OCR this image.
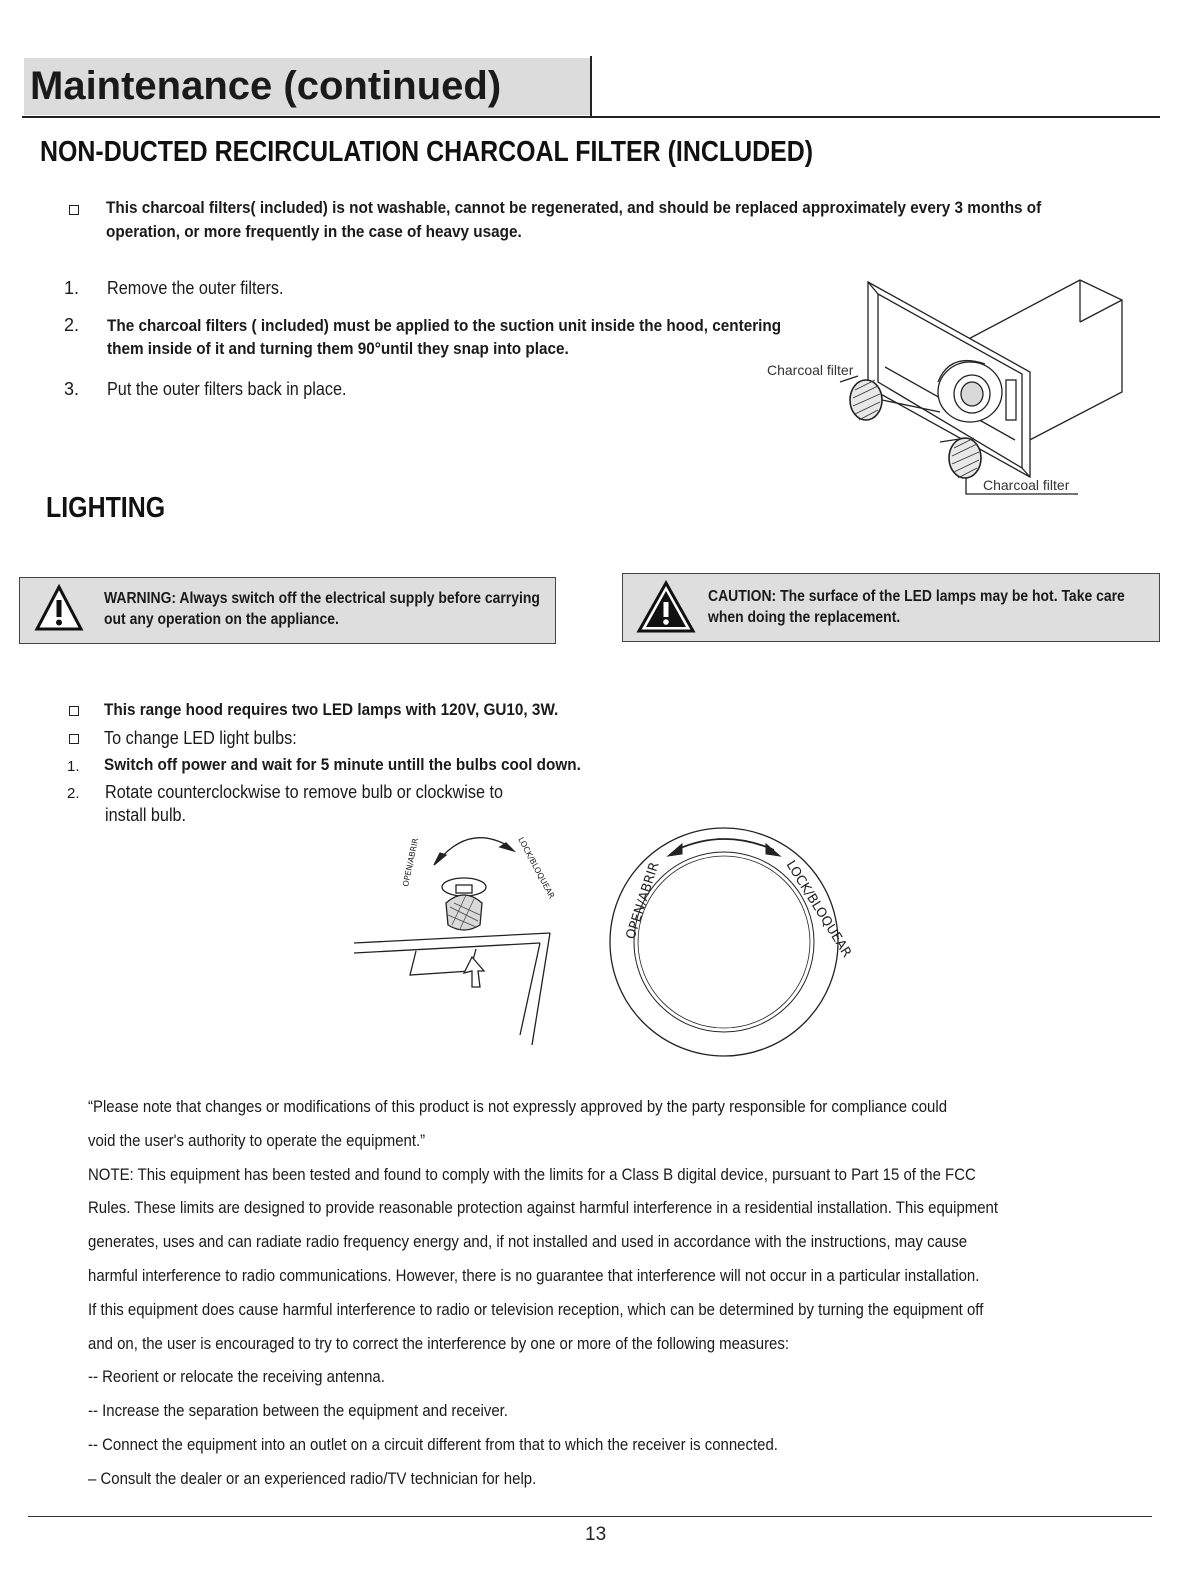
Maintenance (continued)
NON-DUCTED RECIRCULATION CHARCOAL FILTER (INCLUDED)
This charcoal filters( included) is not washable, cannot be regenerated, and should be replaced approximately every 3 months of
operation, or more frequently in the case of heavy usage.
1. Remove the outer filters.
2. The charcoal filters ( included) must be applied to the suction unit inside the hood, centering
them inside of it and turning them 90°until they snap into place.
3. Put the outer filters back in place.
Charcoal filter
Charcoal filter
LIGHTING
WARNING: Always switch off the electrical supply before carrying
out any operation on the appliance.
CAUTION: The surface of the LED lamps may be hot. Take care
when doing the replacement.
This range hood requires two LED lamps with 120V, GU10, 3W.
To change LED light bulbs:
1. Switch off power and wait for 5 minute untill the bulbs cool down.
2. Rotate counterclockwise to remove bulb or clockwise to
install bulb.
OPEN/ABRIR	LOCK/BLOQUEAR	OPEN/ABRIR	LOCK/BLOQUEAR
“Please note that changes or modifications of this product is not expressly approved by the party responsible for compliance could
void the user's authority to operate the equipment.”
NOTE: This equipment has been tested and found to comply with the limits for a Class B digital device, pursuant to Part 15 of the FCC
Rules. These limits are designed to provide reasonable protection against harmful interference in a residential installation. This equipment
generates, uses and can radiate radio frequency energy and, if not installed and used in accordance with the instructions, may cause
harmful interference to radio communications. However, there is no guarantee that interference will not occur in a particular installation.
If this equipment does cause harmful interference to radio or television reception, which can be determined by turning the equipment off
and on, the user is encouraged to try to correct the interference by one or more of the following measures:
-- Reorient or relocate the receiving antenna.
-- Increase the separation between the equipment and receiver.
-- Connect the equipment into an outlet on a circuit different from that to which the receiver is connected.
– Consult the dealer or an experienced radio/TV technician for help.
13
